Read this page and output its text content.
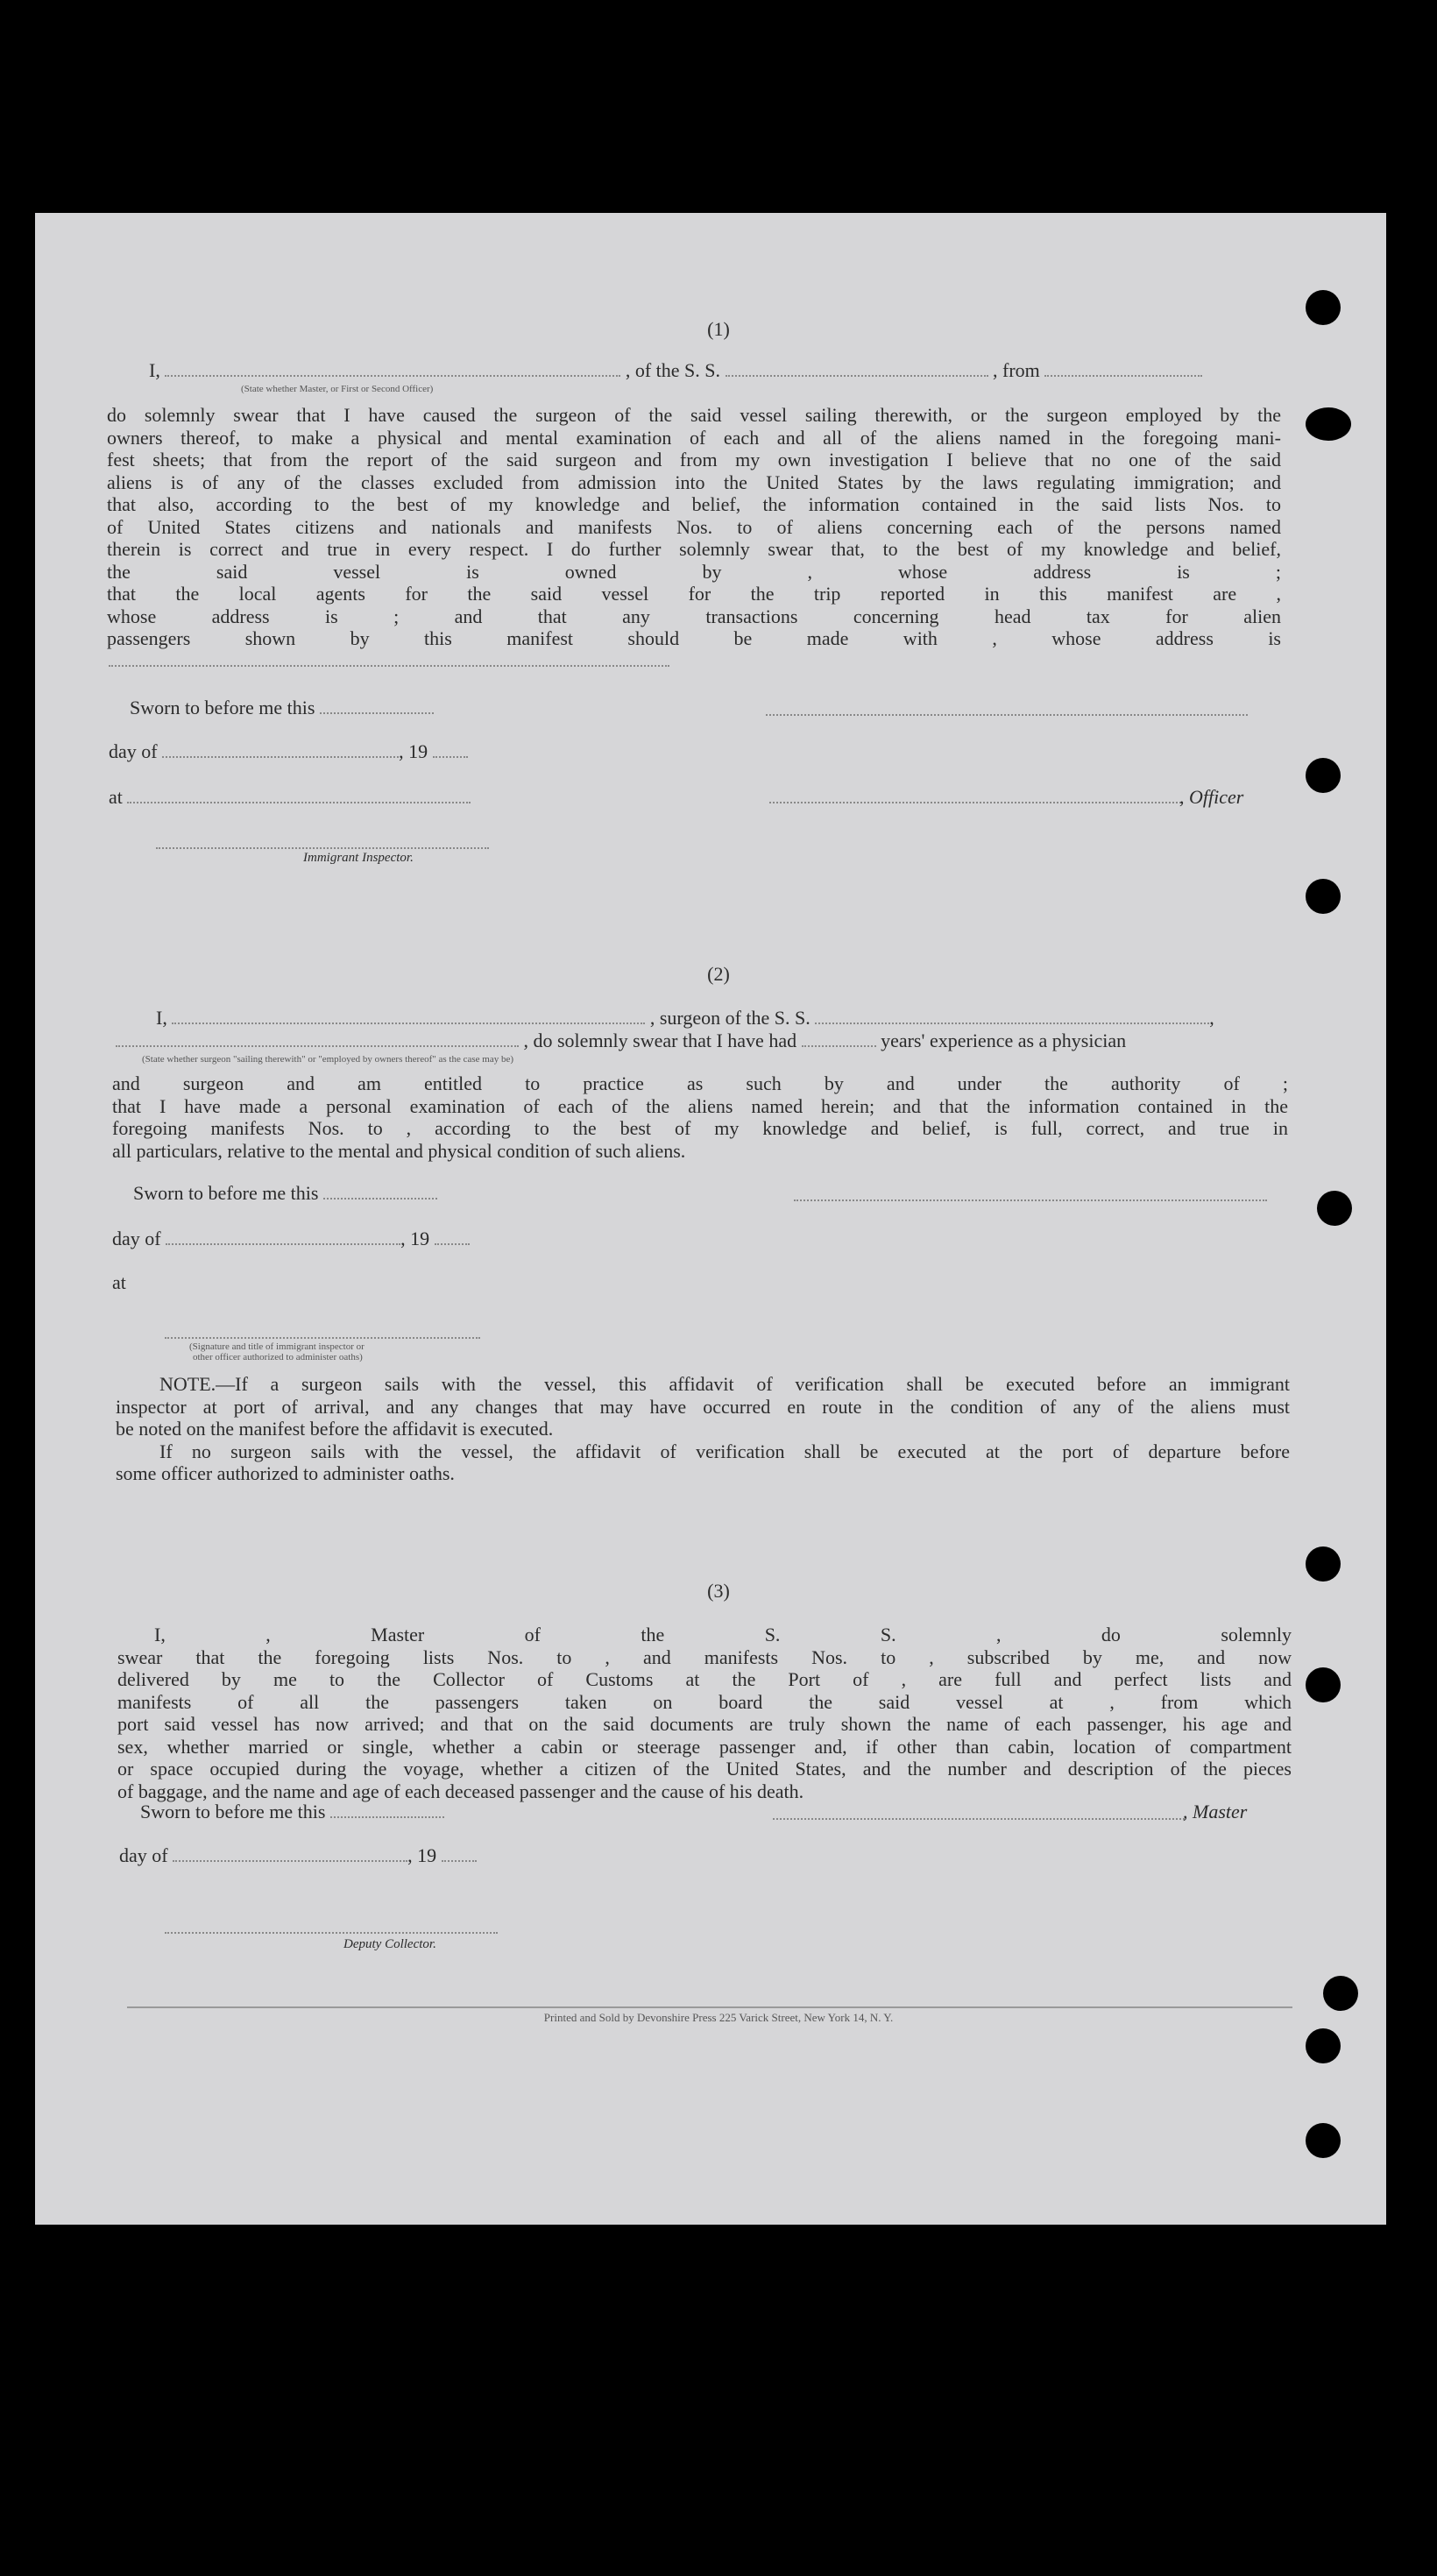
(1)
I,	, of the S. S.	, from
(State whether Master, or First or Second Officer)

do solemnly swear that I have caused the surgeon of the said vessel sailing therewith, or the surgeon employed by the

owners thereof, to make a physical and mental examination of each and all of the aliens named in the foregoing mani-

fest sheets; that from the report of the said surgeon and from my own investigation I believe that no one of the said

aliens is of any of the classes excluded from admission into the United States by the laws regulating immigration; and

that also, according to the best of my knowledge and belief, the information contained in the said lists Nos. to

of United States citizens and nationals and manifests Nos. to of aliens concerning each of the persons named

therein is correct and true in every respect. I do further solemnly swear that, to the best of my knowledge and belief,

the said vessel is owned by , whose address is ;

that the local agents for the said vessel for the trip reported in this manifest are ,

whose address is ; and that any transactions concerning head tax for alien

passengers shown by this manifest should be made with , whose address is

Sworn to before me this
day of	, 19
at	, Officer
Immigrant Inspector.
(2)
I,	, surgeon of the S. S.	,
, do solemnly swear that I have had	years' experience as a physician
(State whether surgeon "sailing therewith" or "employed by owners thereof" as the case may be)

and surgeon and am entitled to practice as such by and under the authority of ;

that I have made a personal examination of each of the aliens named herein; and that the information contained in the

foregoing manifests Nos. to , according to the best of my knowledge and belief, is full, correct, and true in

all particulars, relative to the mental and physical condition of such aliens.

Sworn to before me this
day of	, 19
at
(Signature and title of immigrant inspector or
other officer authorized to administer oaths)

NOTE.—If a surgeon sails with the vessel, this affidavit of verification shall be executed before an immigrant

inspector at port of arrival, and any changes that may have occurred en route in the condition of any of the aliens must

be noted on the manifest before the affidavit is executed.

If no surgeon sails with the vessel, the affidavit of verification shall be executed at the port of departure before

some officer authorized to administer oaths.

(3)

I, , Master of the S. S. , do solemnly

swear that the foregoing lists Nos. to , and manifests Nos. to , subscribed by me, and now

delivered by me to the Collector of Customs at the Port of , are full and perfect lists and

manifests of all the passengers taken on board the said vessel at , from which

port said vessel has now arrived; and that on the said documents are truly shown the name of each passenger, his age and

sex, whether married or single, whether a cabin or steerage passenger and, if other than cabin, location of compartment

or space occupied during the voyage, whether a citizen of the United States, and the number and description of the pieces

of baggage, and the name and age of each deceased passenger and the cause of his death.

Sworn to before me this	, Master
day of	, 19
Deputy Collector.
Printed and Sold by Devonshire Press 225 Varick Street, New York 14, N. Y.
